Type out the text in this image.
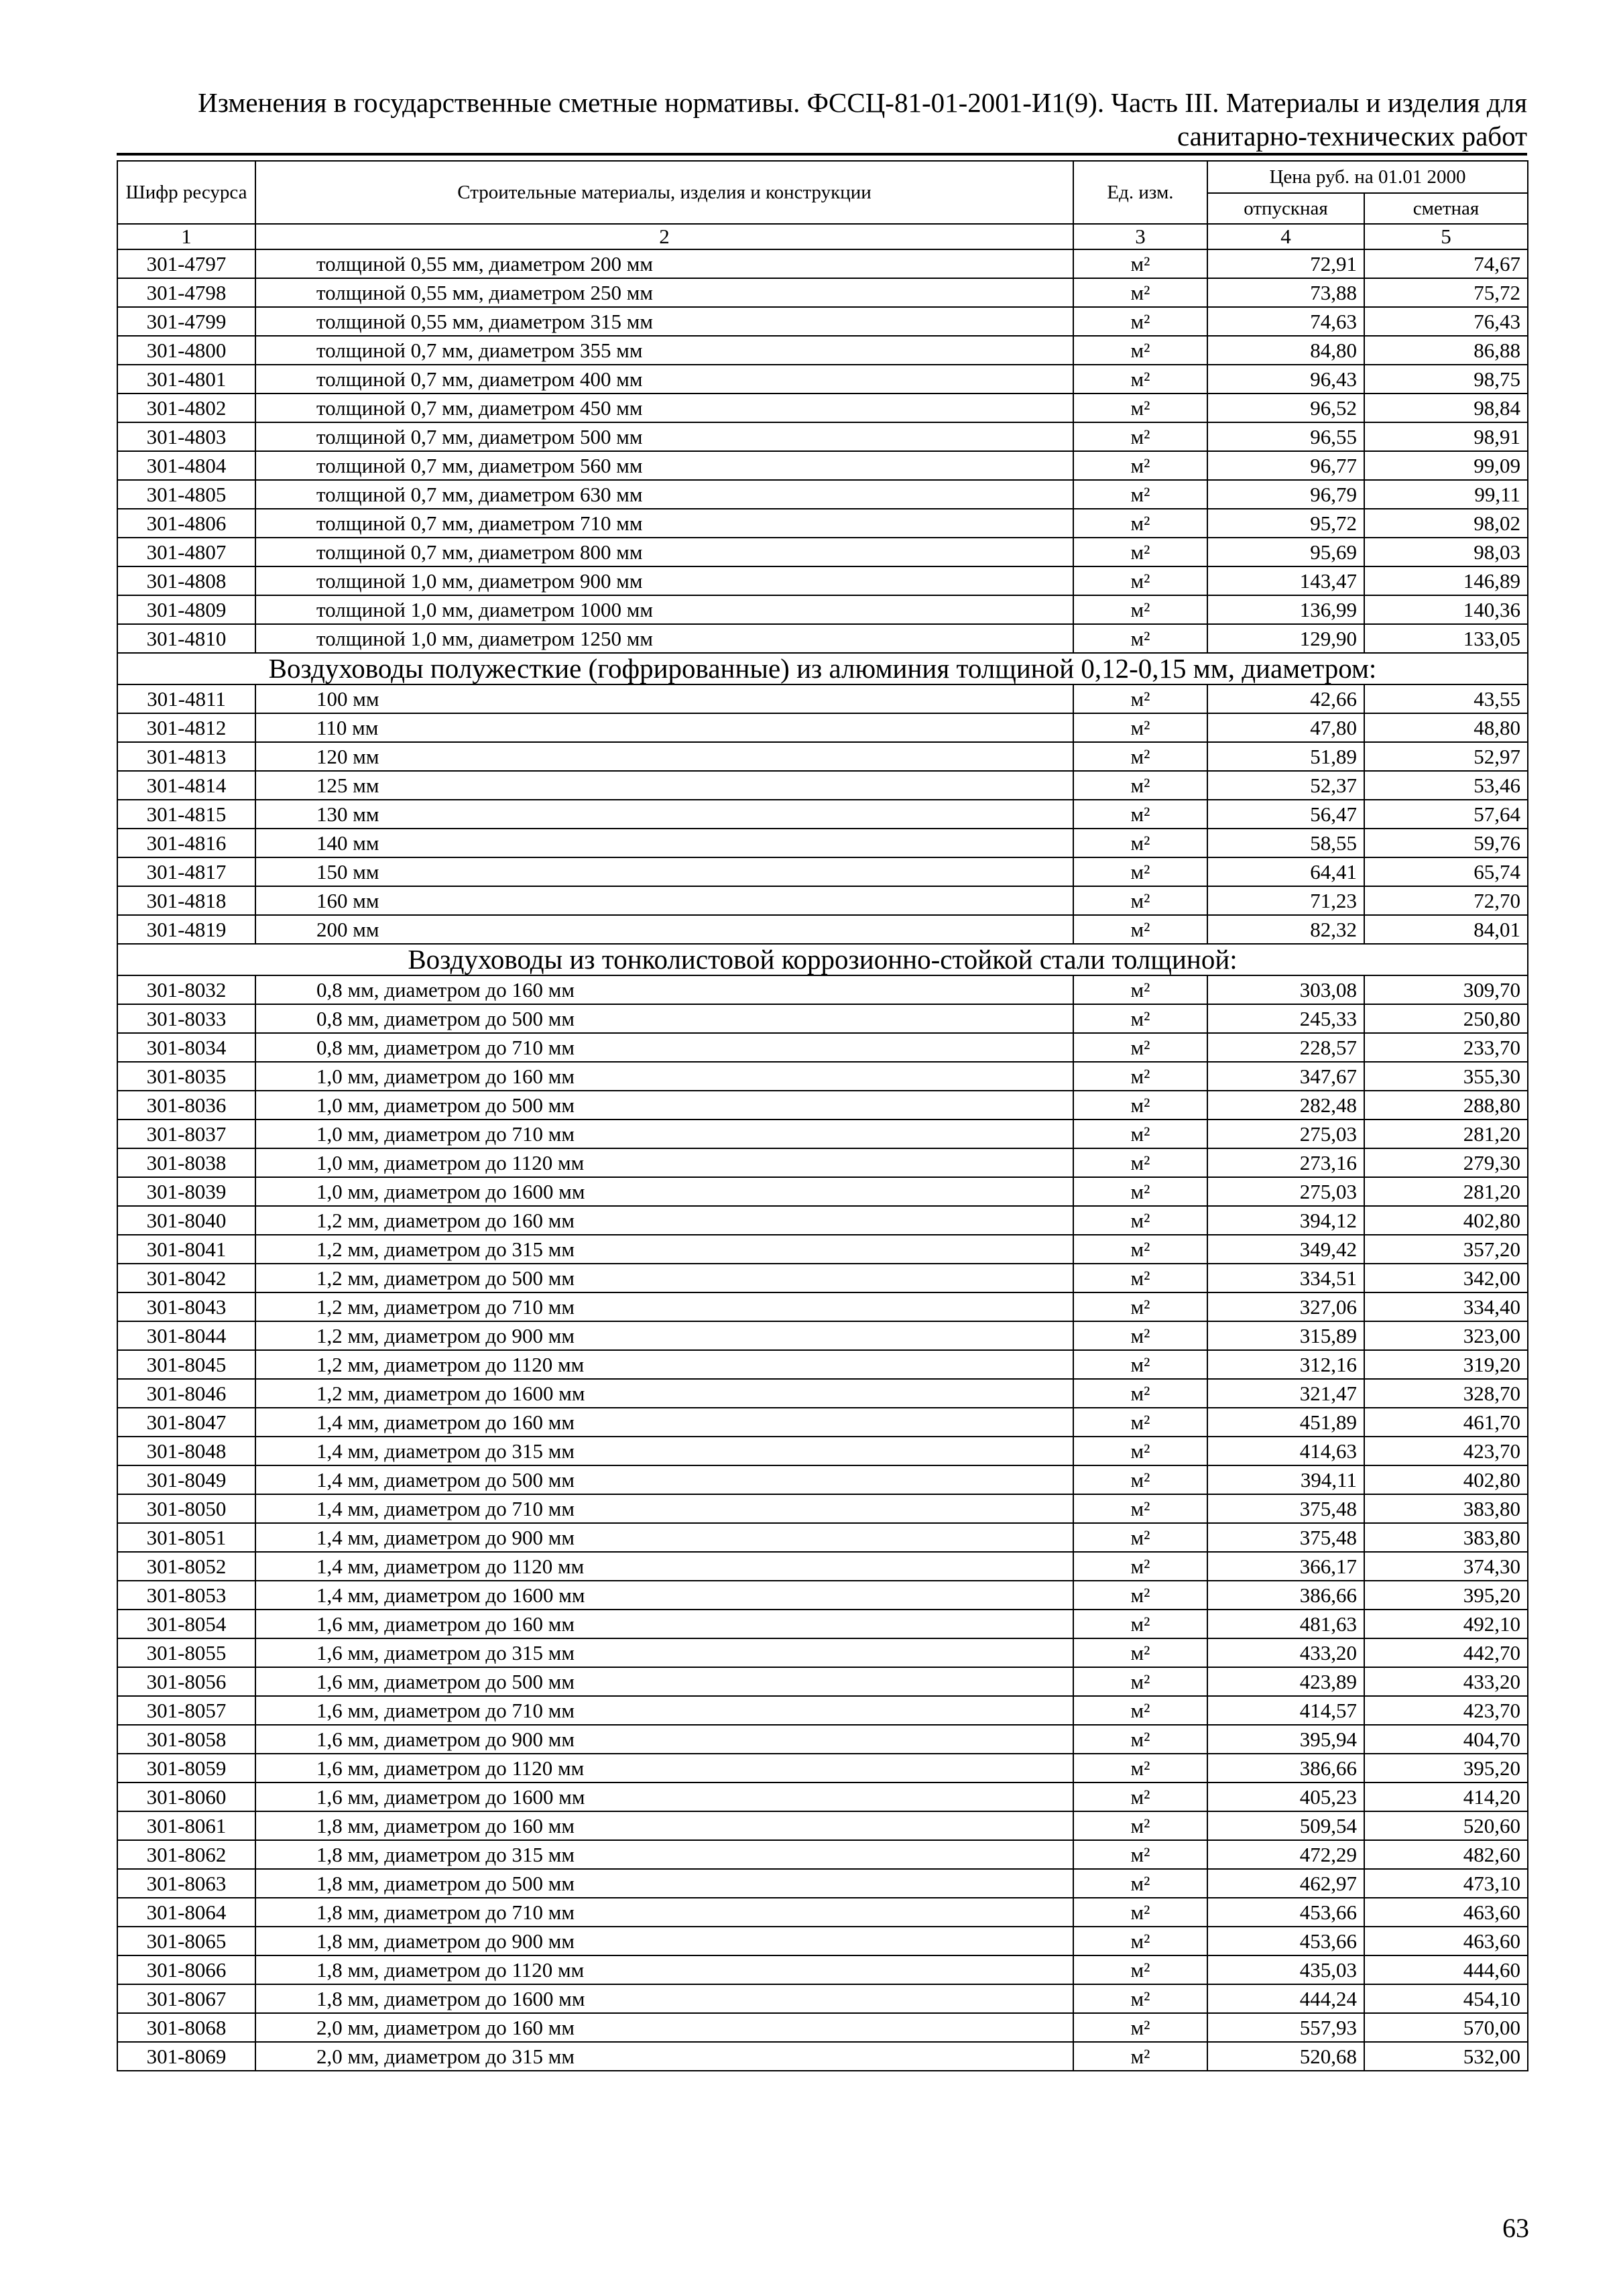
Изменения в государственные сметные нормативы. ФССЦ-81-01-2001-И1(9). Часть III. Материалы и изделия для
санитарно-технических работ
Шифр ресурса	Строительные материалы, изделия и конструкции	Ед. изм.	Цена руб. на 01.01 2000	
			отпускная	сметная
1	2	3	4	5
301-4797	толщиной 0,55 мм, диаметром 200 мм	м²	72,91	74,67
301-4798	толщиной 0,55 мм, диаметром 250 мм	м²	73,88	75,72
301-4799	толщиной 0,55 мм, диаметром 315 мм	м²	74,63	76,43
301-4800	толщиной 0,7 мм, диаметром 355 мм	м²	84,80	86,88
301-4801	толщиной 0,7 мм, диаметром 400 мм	м²	96,43	98,75
301-4802	толщиной 0,7 мм, диаметром 450 мм	м²	96,52	98,84
301-4803	толщиной 0,7 мм, диаметром 500 мм	м²	96,55	98,91
301-4804	толщиной 0,7 мм, диаметром 560 мм	м²	96,77	99,09
301-4805	толщиной 0,7 мм, диаметром 630 мм	м²	96,79	99,11
301-4806	толщиной 0,7 мм, диаметром 710 мм	м²	95,72	98,02
301-4807	толщиной 0,7 мм, диаметром 800 мм	м²	95,69	98,03
301-4808	толщиной 1,0 мм, диаметром 900 мм	м²	143,47	146,89
301-4809	толщиной 1,0 мм, диаметром 1000 мм	м²	136,99	140,36
301-4810	толщиной 1,0 мм, диаметром 1250 мм	м²	129,90	133,05
Воздуховоды полужесткие (гофрированные) из алюминия толщиной 0,12-0,15 мм, диаметром:				
301-4811	100 мм	м²	42,66	43,55
301-4812	110 мм	м²	47,80	48,80
301-4813	120 мм	м²	51,89	52,97
301-4814	125 мм	м²	52,37	53,46
301-4815	130 мм	м²	56,47	57,64
301-4816	140 мм	м²	58,55	59,76
301-4817	150 мм	м²	64,41	65,74
301-4818	160 мм	м²	71,23	72,70
301-4819	200 мм	м²	82,32	84,01
Воздуховоды из тонколистовой коррозионно-стойкой стали толщиной:				
301-8032	0,8 мм, диаметром до 160 мм	м²	303,08	309,70
301-8033	0,8 мм, диаметром до 500 мм	м²	245,33	250,80
301-8034	0,8 мм, диаметром до 710 мм	м²	228,57	233,70
301-8035	1,0 мм, диаметром до 160 мм	м²	347,67	355,30
301-8036	1,0 мм, диаметром до 500 мм	м²	282,48	288,80
301-8037	1,0 мм, диаметром до 710 мм	м²	275,03	281,20
301-8038	1,0 мм, диаметром до 1120 мм	м²	273,16	279,30
301-8039	1,0 мм, диаметром до 1600 мм	м²	275,03	281,20
301-8040	1,2 мм, диаметром до 160 мм	м²	394,12	402,80
301-8041	1,2 мм, диаметром до 315 мм	м²	349,42	357,20
301-8042	1,2 мм, диаметром до 500 мм	м²	334,51	342,00
301-8043	1,2 мм, диаметром до 710 мм	м²	327,06	334,40
301-8044	1,2 мм, диаметром до 900 мм	м²	315,89	323,00
301-8045	1,2 мм, диаметром до 1120 мм	м²	312,16	319,20
301-8046	1,2 мм, диаметром до 1600 мм	м²	321,47	328,70
301-8047	1,4 мм, диаметром до 160 мм	м²	451,89	461,70
301-8048	1,4 мм, диаметром до 315 мм	м²	414,63	423,70
301-8049	1,4 мм, диаметром до 500 мм	м²	394,11	402,80
301-8050	1,4 мм, диаметром до 710 мм	м²	375,48	383,80
301-8051	1,4 мм, диаметром до 900 мм	м²	375,48	383,80
301-8052	1,4 мм, диаметром до 1120 мм	м²	366,17	374,30
301-8053	1,4 мм, диаметром до 1600 мм	м²	386,66	395,20
301-8054	1,6 мм, диаметром до 160 мм	м²	481,63	492,10
301-8055	1,6 мм, диаметром до 315 мм	м²	433,20	442,70
301-8056	1,6 мм, диаметром до 500 мм	м²	423,89	433,20
301-8057	1,6 мм, диаметром до 710 мм	м²	414,57	423,70
301-8058	1,6 мм, диаметром до 900 мм	м²	395,94	404,70
301-8059	1,6 мм, диаметром до 1120 мм	м²	386,66	395,20
301-8060	1,6 мм, диаметром до 1600 мм	м²	405,23	414,20
301-8061	1,8 мм, диаметром до 160 мм	м²	509,54	520,60
301-8062	1,8 мм, диаметром до 315 мм	м²	472,29	482,60
301-8063	1,8 мм, диаметром до 500 мм	м²	462,97	473,10
301-8064	1,8 мм, диаметром до 710 мм	м²	453,66	463,60
301-8065	1,8 мм, диаметром до 900 мм	м²	453,66	463,60
301-8066	1,8 мм, диаметром до 1120 мм	м²	435,03	444,60
301-8067	1,8 мм, диаметром до 1600 мм	м²	444,24	454,10
301-8068	2,0 мм, диаметром до 160 мм	м²	557,93	570,00
301-8069	2,0 мм, диаметром до 315 мм	м²	520,68	532,00
63
